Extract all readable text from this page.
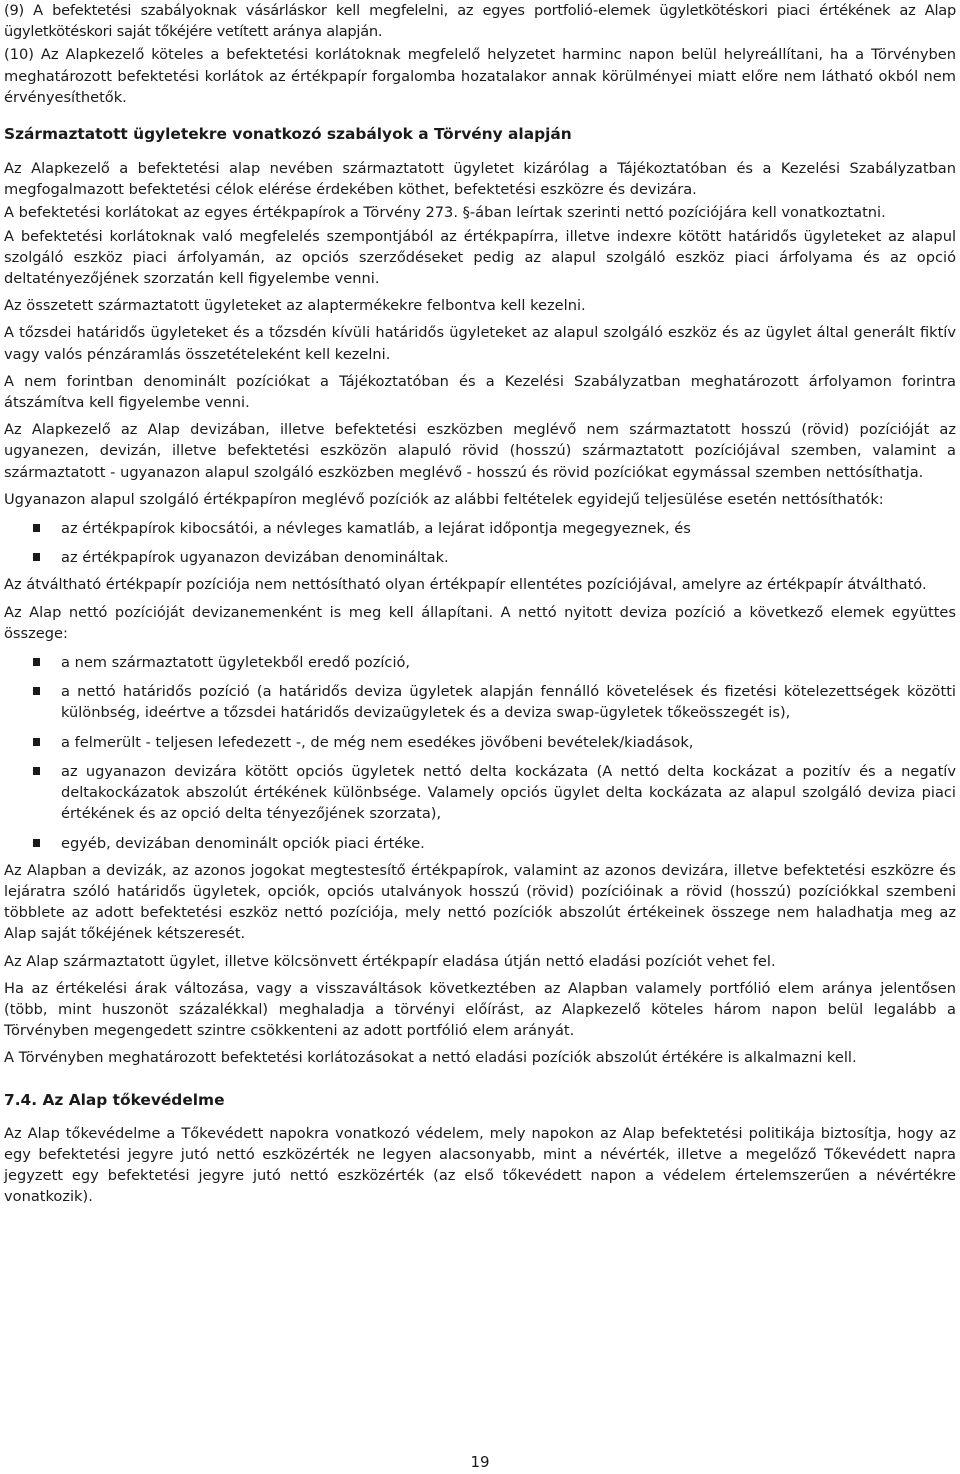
(9) A befektetési szabályoknak vásárláskor kell megfelelni, az egyes portfolió-elemek ügyletkötéskori piaci értékének az Alap ügyletkötéskori saját tőkéjére vetített aránya alapján.

(10) Az Alapkezelő köteles a befektetési korlátoknak megfelelő helyzetet harminc napon belül helyreállítani, ha a Törvényben meghatározott befektetési korlátok az értékpapír forgalomba hozatalakor annak körülményei miatt előre nem látható okból nem érvényesíthetők.

Származtatott ügyletekre vonatkozó szabályok a Törvény alapján

Az Alapkezelő a befektetési alap nevében származtatott ügyletet kizárólag a Tájékoztatóban és a Kezelési Szabályzatban megfogalmazott befektetési célok elérése érdekében köthet, befektetési eszközre és devizára.

A befektetési korlátokat az egyes értékpapírok a Törvény 273. §-ában leírtak szerinti nettó pozíciójára kell vonatkoztatni.

A befektetési korlátoknak való megfelelés szempontjából az értékpapírra, illetve indexre kötött határidős ügyleteket az alapul szolgáló eszköz piaci árfolyamán, az opciós szerződéseket pedig az alapul szolgáló eszköz piaci árfolyama és az opció deltatényezőjének szorzatán kell figyelembe venni.

Az összetett származtatott ügyleteket az alaptermékekre felbontva kell kezelni.

A tőzsdei határidős ügyleteket és a tőzsdén kívüli határidős ügyleteket az alapul szolgáló eszköz és az ügylet által generált fiktív vagy valós pénzáramlás összetételeként kell kezelni.

A nem forintban denominált pozíciókat a Tájékoztatóban és a Kezelési Szabályzatban meghatározott árfolyamon forintra átszámítva kell figyelembe venni.

Az Alapkezelő az Alap devizában, illetve befektetési eszközben meglévő nem származtatott hosszú (rövid) pozícióját az ugyanezen, devizán, illetve befektetési eszközön alapuló rövid (hosszú) származtatott pozíciójával szemben, valamint a származtatott - ugyanazon alapul szolgáló eszközben meglévő - hosszú és rövid pozíciókat egymással szemben nettósíthatja.

Ugyanazon alapul szolgáló értékpapíron meglévő pozíciók az alábbi feltételek egyidejű teljesülése esetén nettósíthatók:

az értékpapírok kibocsátói, a névleges kamatláb, a lejárat időpontja megegyeznek, és
az értékpapírok ugyanazon devizában denomináltak.

Az átváltható értékpapír pozíciója nem nettósítható olyan értékpapír ellentétes pozíciójával, amelyre az értékpapír átváltható.

Az Alap nettó pozícióját devizanemenként is meg kell állapítani. A nettó nyitott deviza pozíció a következő elemek együttes összege:

a nem származtatott ügyletekből eredő pozíció,
a nettó határidős pozíció (a határidős deviza ügyletek alapján fennálló követelések és fizetési kötelezettségek közötti különbség, ideértve a tőzsdei határidős devizaügyletek és a deviza swap-ügyletek tőkeösszegét is),
a felmerült - teljesen lefedezett -, de még nem esedékes jövőbeni bevételek/kiadások,
az ugyanazon devizára kötött opciós ügyletek nettó delta kockázata (A nettó delta kockázat a pozitív és a negatív deltakockázatok abszolút értékének különbsége. Valamely opciós ügylet delta kockázata az alapul szolgáló deviza piaci értékének és az opció delta tényezőjének szorzata),
egyéb, devizában denominált opciók piaci értéke.

Az Alapban a devizák, az azonos jogokat megtestesítő értékpapírok, valamint az azonos devizára, illetve befektetési eszközre és lejáratra szóló határidős ügyletek, opciók, opciós utalványok hosszú (rövid) pozícióinak a rövid (hosszú) pozíciókkal szembeni többlete az adott befektetési eszköz nettó pozíciója, mely nettó pozíciók abszolút értékeinek összege nem haladhatja meg az Alap saját tőkéjének kétszeresét.

Az Alap származtatott ügylet, illetve kölcsönvett értékpapír eladása útján nettó eladási pozíciót vehet fel.

Ha az értékelési árak változása, vagy a visszaváltások következtében az Alapban valamely portfólió elem aránya jelentősen (több, mint huszonöt százalékkal) meghaladja a törvényi előírást, az Alapkezelő köteles három napon belül legalább a Törvényben megengedett szintre csökkenteni az adott portfólió elem arányát.

A Törvényben meghatározott befektetési korlátozásokat a nettó eladási pozíciók abszolút értékére is alkalmazni kell.

7.4. Az Alap tőkevédelme

Az Alap tőkevédelme a Tőkevédett napokra vonatkozó védelem, mely napokon az Alap befektetési politikája biztosítja, hogy az egy befektetési jegyre jutó nettó eszközérték ne legyen alacsonyabb, mint a névérték, illetve a megelőző Tőkevédett napra jegyzett egy befektetési jegyre jutó nettó eszközérték (az első tőkevédett napon a védelem értelemszerűen a névértékre vonatkozik).

19
